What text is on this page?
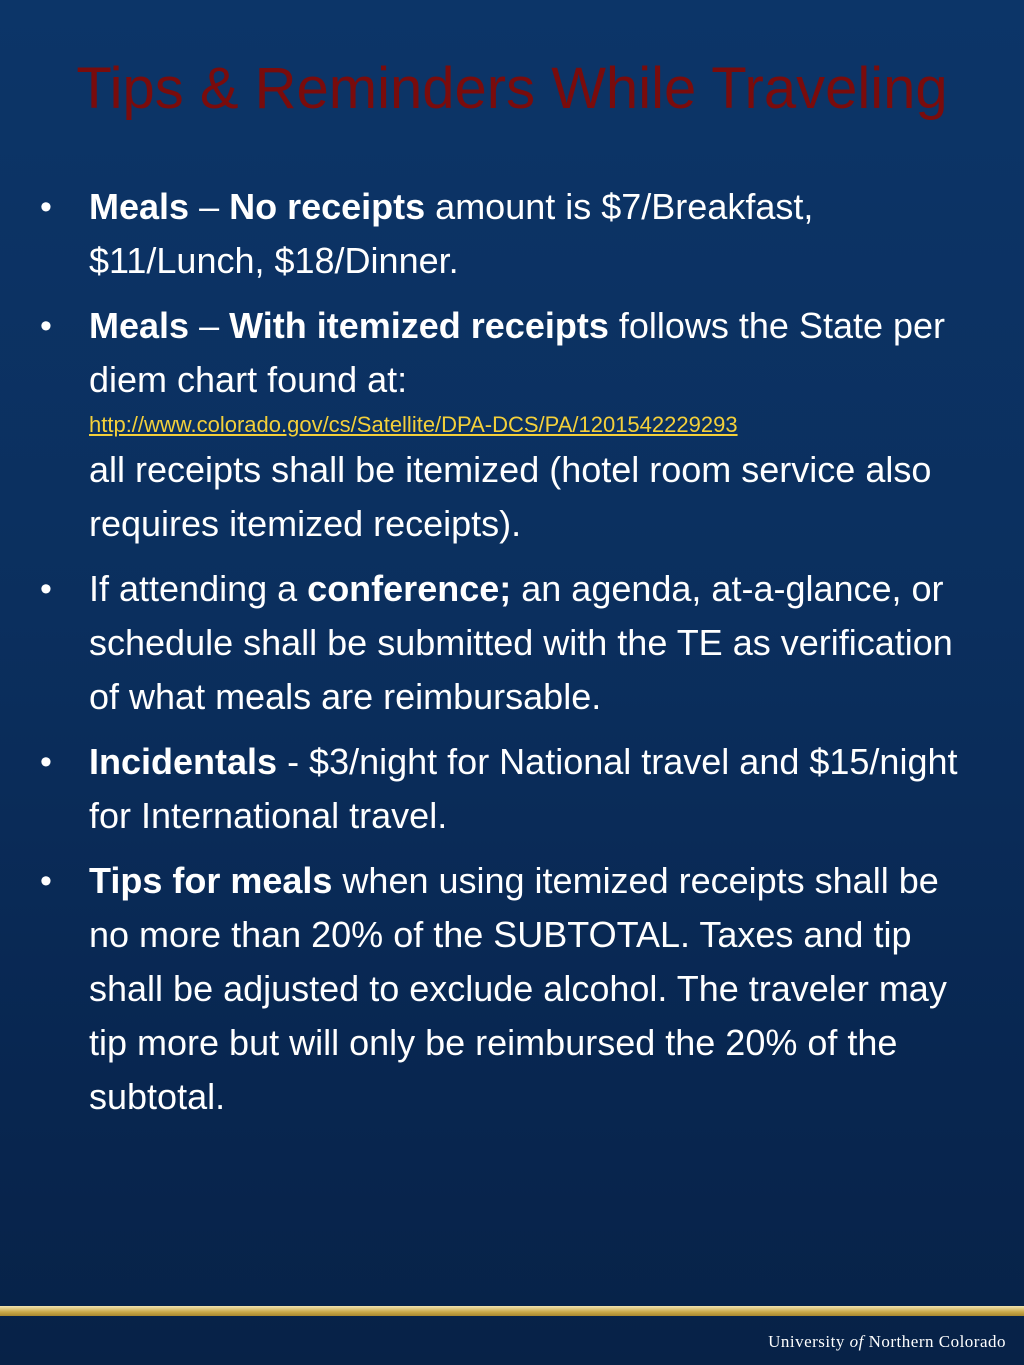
Tips & Reminders While Traveling
• Meals – No receipts amount is $7/Breakfast, $11/Lunch, $18/Dinner.
• Meals – With itemized receipts follows the State per diem chart found at:
http://www.colorado.gov/cs/Satellite/DPA-DCS/PA/1201542229293
all receipts shall be itemized (hotel room service also requires itemized receipts).
• If attending a conference; an agenda, at-a-glance, or schedule shall be submitted with the TE as verification of what meals are reimbursable.
• Incidentals - $3/night for National travel and $15/night for International travel.
• Tips for meals when using itemized receipts shall be no more than 20% of the SUBTOTAL. Taxes and tip shall be adjusted to exclude alcohol. The traveler may tip more but will only be reimbursed the 20% of the subtotal.
University of Northern Colorado
